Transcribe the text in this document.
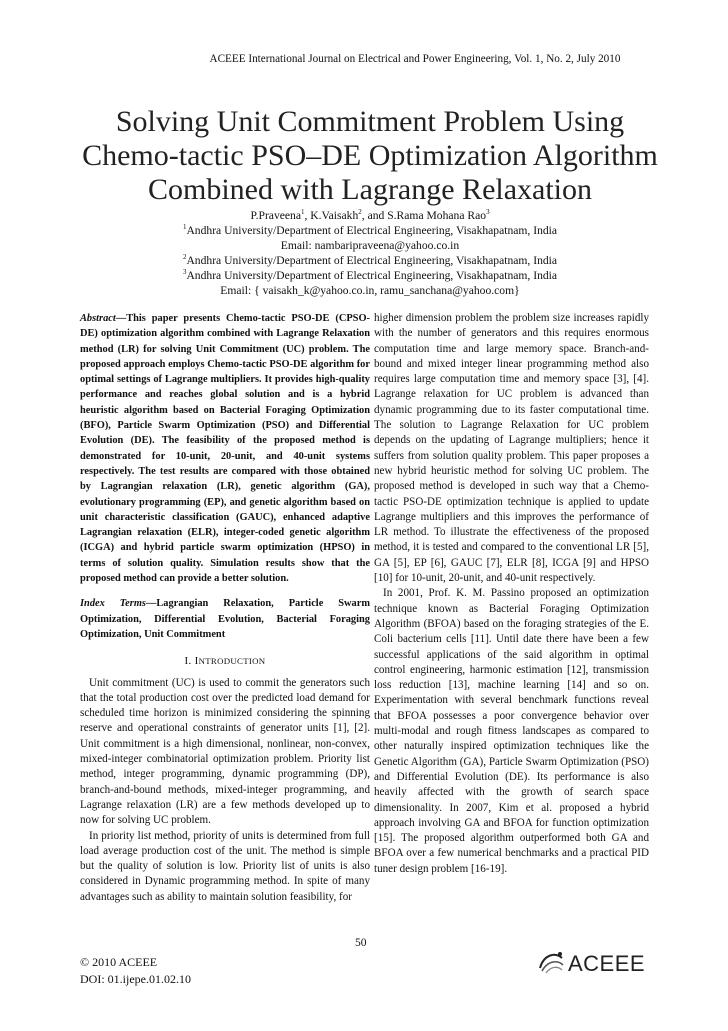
ACEEE International Journal on Electrical and Power Engineering, Vol. 1, No. 2, July 2010
Solving Unit Commitment Problem Using
Chemo-tactic PSO–DE Optimization Algorithm
Combined with Lagrange Relaxation
P.Praveena$^1$, K.Vaisakh$^2$, and S.Rama Mohana Rao$^3$
$^1$Andhra University/Department of Electrical Engineering, Visakhapatnam, India
Email: nambaripraveena@yahoo.co.in
$^2$Andhra University/Department of Electrical Engineering, Visakhapatnam, India
$^3$Andhra University/Department of Electrical Engineering, Visakhapatnam, India
Email: { vaisakh_k@yahoo.co.in, ramu_sanchana@yahoo.com}

Abstract—This paper presents Chemo-tactic PSO-DE (CPSO-DE) optimization algorithm combined with Lagrange Relaxation method (LR) for solving Unit Commitment (UC) problem. The proposed approach employs Chemo-tactic PSO-DE algorithm for optimal settings of Lagrange multipliers. It provides high-quality performance and reaches global solution and is a hybrid heuristic algorithm based on Bacterial Foraging Optimization (BFO), Particle Swarm Optimization (PSO) and Differential Evolution (DE). The feasibility of the proposed method is demonstrated for 10-unit, 20-unit, and 40-unit systems respectively. The test results are compared with those obtained by Lagrangian relaxation (LR), genetic algorithm (GA), evolutionary programming (EP), and genetic algorithm based on unit characteristic classification (GAUC), enhanced adaptive Lagrangian relaxation (ELR), integer-coded genetic algorithm (ICGA) and hybrid particle swarm optimization (HPSO) in terms of solution quality. Simulation results show that the proposed method can provide a better solution.

Index Terms—Lagrangian Relaxation, Particle Swarm Optimization, Differential Evolution, Bacterial Foraging Optimization, Unit Commitment

I. INTRODUCTION

Unit commitment (UC) is used to commit the generators such that the total production cost over the predicted load demand for scheduled time horizon is minimized considering the spinning reserve and operational constraints of generator units [1], [2]. Unit commitment is a high dimensional, nonlinear, non-convex, mixed-integer combinatorial optimization problem. Priority list method, integer programming, dynamic programming (DP), branch-and-bound methods, mixed-integer programming, and Lagrange relaxation (LR) are a few methods developed up to now for solving UC problem.

In priority list method, priority of units is determined from full load average production cost of the unit. The method is simple but the quality of solution is low. Priority list of units is also considered in Dynamic programming method. In spite of many advantages such as ability to maintain solution feasibility, for

higher dimension problem the problem size increases rapidly with the number of generators and this requires enormous computation time and large memory space. Branch-and-bound and mixed integer linear programming method also requires large computation time and memory space [3], [4]. Lagrange relaxation for UC problem is advanced than dynamic programming due to its faster computational time. The solution to Lagrange Relaxation for UC problem depends on the updating of Lagrange multipliers; hence it suffers from solution quality problem. This paper proposes a new hybrid heuristic method for solving UC problem. The proposed method is developed in such way that a Chemo-tactic PSO-DE optimization technique is applied to update Lagrange multipliers and this improves the performance of LR method. To illustrate the effectiveness of the proposed method, it is tested and compared to the conventional LR [5], GA [5], EP [6], GAUC [7], ELR [8], ICGA [9] and HPSO [10] for 10-unit, 20-unit, and 40-unit respectively.

In 2001, Prof. K. M. Passino proposed an optimization technique known as Bacterial Foraging Optimization Algorithm (BFOA) based on the foraging strategies of the E. Coli bacterium cells [11]. Until date there have been a few successful applications of the said algorithm in optimal control engineering, harmonic estimation [12], transmission loss reduction [13], machine learning [14] and so on. Experimentation with several benchmark functions reveal that BFOA possesses a poor convergence behavior over multi-modal and rough fitness landscapes as compared to other naturally inspired optimization techniques like the Genetic Algorithm (GA), Particle Swarm Optimization (PSO) and Differential Evolution (DE). Its performance is also heavily affected with the growth of search space dimensionality. In 2007, Kim et al. proposed a hybrid approach involving GA and BFOA for function optimization [15]. The proposed algorithm outperformed both GA and BFOA over a few numerical benchmarks and a practical PID tuner design problem [16-19].

50
© 2010 ACEEE
DOI: 01.ijepe.01.02.10
ACEEE
